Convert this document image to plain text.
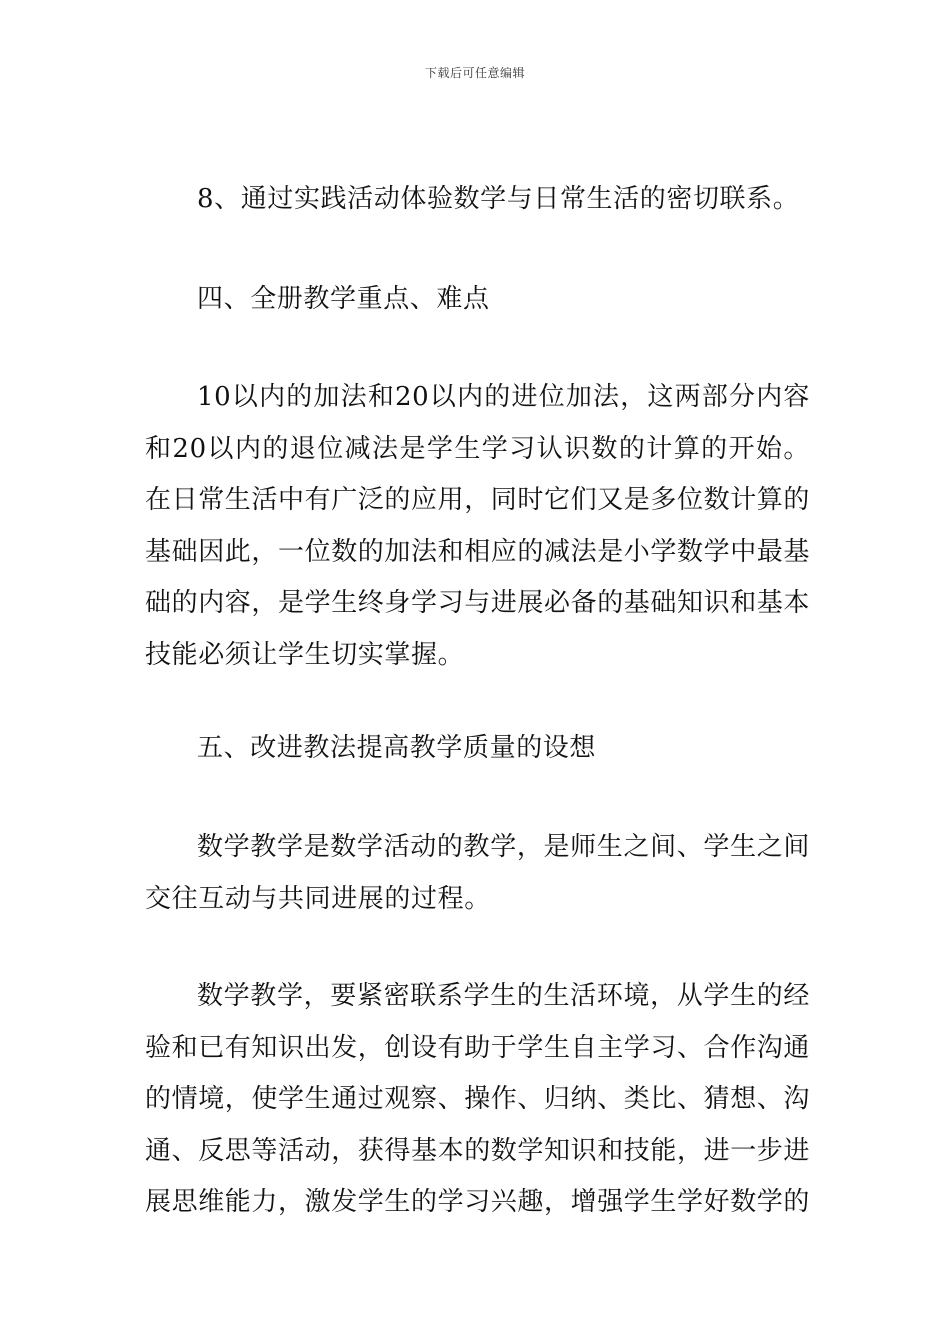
下载后可任意编辑

8、通过实践活动体验数学与日常生活的密切联系。

四、全册教学重点、难点

10以内的加法和20以内的进位加法，这两部分内容和20以内的退位减法是学生学习认识数的计算的开始。在日常生活中有广泛的应用，同时它们又是多位数计算的基础因此，一位数的加法和相应的减法是小学数学中最基础的内容，是学生终身学习与进展必备的基础知识和基本技能必须让学生切实掌握。

五、改进教法提高教学质量的设想

数学教学是数学活动的教学，是师生之间、学生之间交往互动与共同进展的过程。

数学教学，要紧密联系学生的生活环境，从学生的经验和已有知识出发，创设有助于学生自主学习、合作沟通的情境，使学生通过观察、操作、归纳、类比、猜想、沟通、反思等活动，获得基本的数学知识和技能，进一步进展思维能力，激发学生的学习兴趣，增强学生学好数学的
